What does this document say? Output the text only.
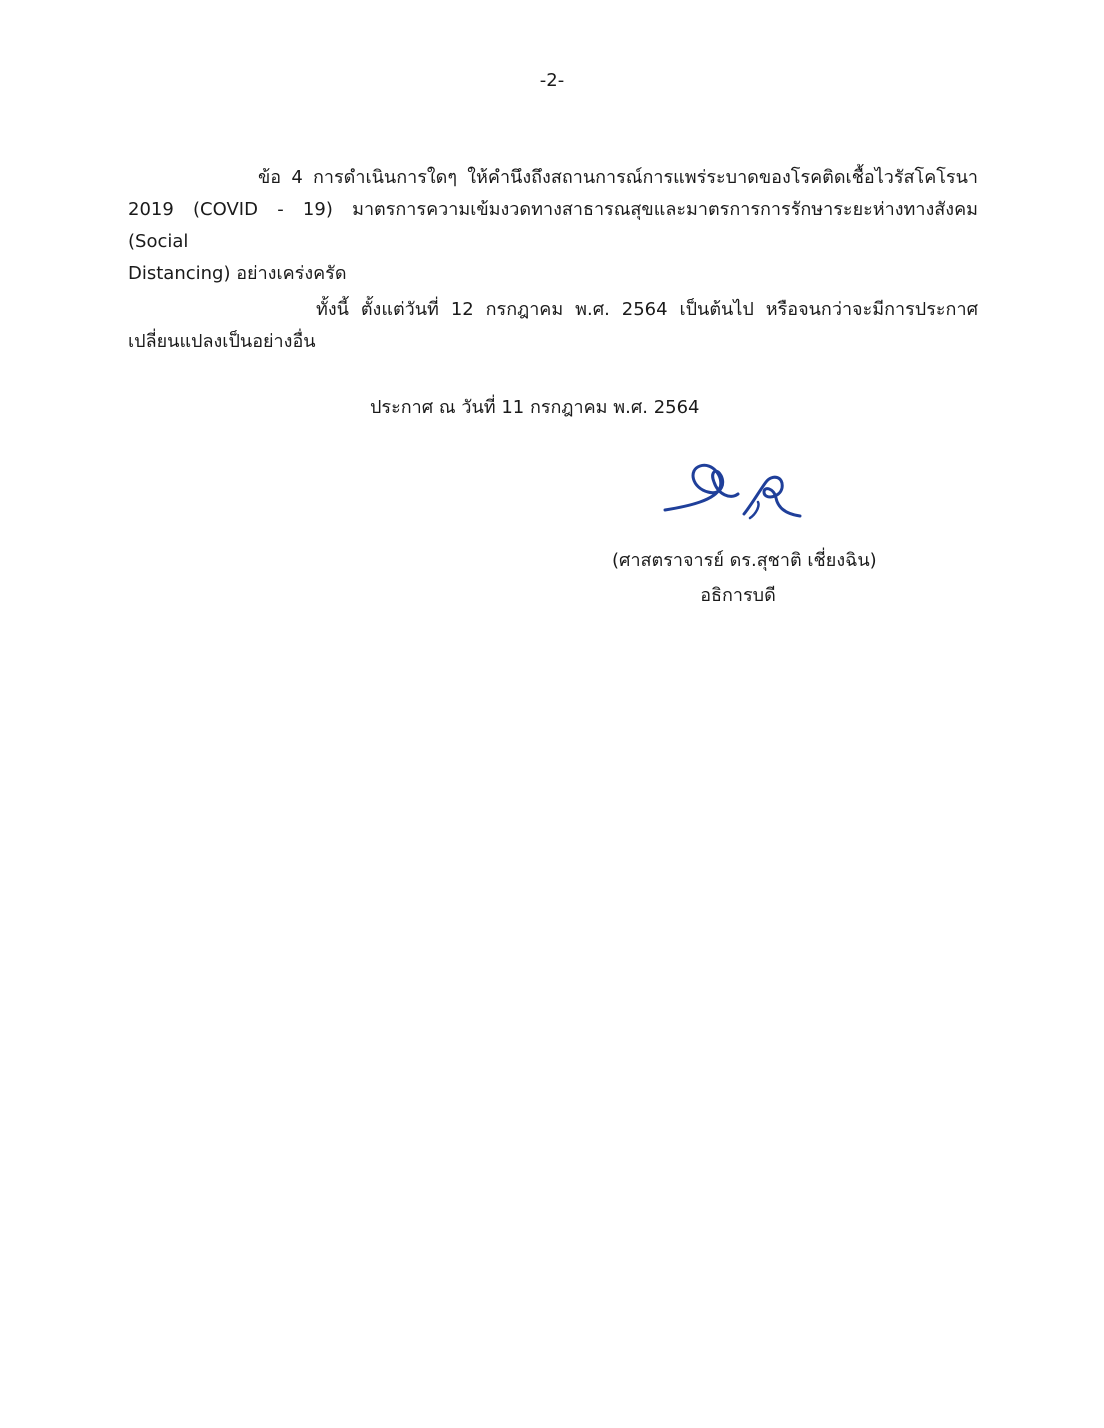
-2-
ข้อ 4 การดำเนินการใดๆ ให้คำนึงถึงสถานการณ์การแพร่ระบาดของโรคติดเชื้อไวรัสโคโรนา
2019 (COVID - 19) มาตรการความเข้มงวดทางสาธารณสุขและมาตรการการรักษาระยะห่างทางสังคม (Social
Distancing) อย่างเคร่งครัด
ทั้งนี้ ตั้งแต่วันที่ 12 กรกฎาคม พ.ศ. 2564 เป็นต้นไป หรือจนกว่าจะมีการประกาศ
เปลี่ยนแปลงเป็นอย่างอื่น
ประกาศ ณ วันที่ 11 กรกฎาคม พ.ศ. 2564
(ศาสตราจารย์ ดร.สุชาติ เชี่ยงฉิน)
อธิการบดี
